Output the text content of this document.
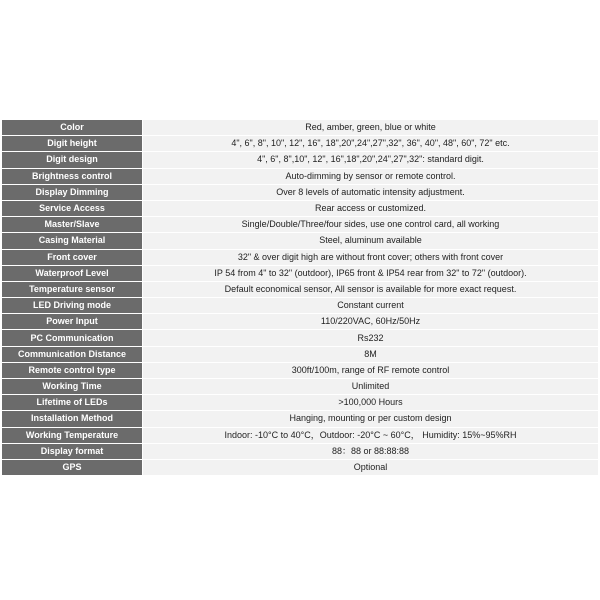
Color	Red, amber, green, blue or white
Digit height	4", 6", 8", 10", 12", 16", 18",20",24",27",32", 36", 40", 48", 60", 72" etc.
Digit design	4", 6", 8",10", 12", 16",18",20",24",27",32": standard digit.
Brightness control	Auto-dimming by sensor or remote control.
Display Dimming	Over 8 levels of automatic intensity adjustment.
Service Access	Rear access or customized.
Master/Slave	Single/Double/Three/four sides, use one control card, all working
Casing Material	Steel, aluminum available
Front cover	32" & over digit high are without front cover; others with front cover
Waterproof Level	IP 54 from 4" to 32" (outdoor), IP65 front & IP54 rear from 32" to 72" (outdoor).
Temperature sensor	Default economical sensor, All sensor is available for more exact request.
LED Driving mode	Constant current
Power Input	110/220VAC, 60Hz/50Hz
PC Communication	Rs232
Communication Distance	8M
Remote control type	300ft/100m, range of RF remote control
Working Time	Unlimited
Lifetime of LEDs	>100,000 Hours
Installation Method	Hanging, mounting or per custom design
Working Temperature	Indoor: -10°C to 40°C，Outdoor: -20°C ~ 60°C， Humidity: 15%~95%RH
Display format	88：88 or 88:88:88
GPS	Optional
